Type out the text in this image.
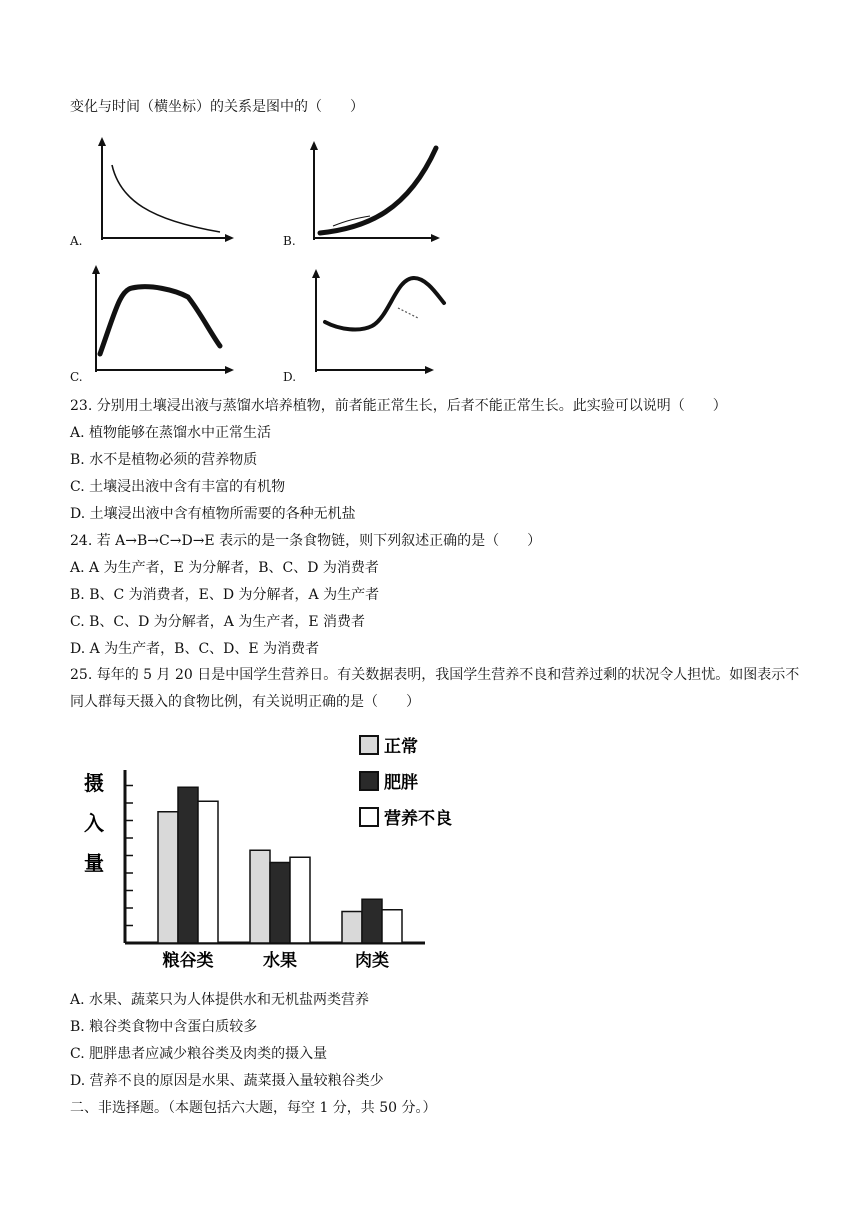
变化与时间（横坐标）的关系是图中的（　　）
A.	B.
C.	D.
23. 分别用土壤浸出液与蒸馏水培养植物，前者能正常生长，后者不能正常生长。此实验可以说明（　　）
A. 植物能够在蒸馏水中正常生活
B. 水不是植物必须的营养物质
C. 土壤浸出液中含有丰富的有机物
D. 土壤浸出液中含有植物所需要的各种无机盐
24. 若 A→B→C→D→E 表示的是一条食物链，则下列叙述正确的是（　　）
A. A 为生产者，E 为分解者，B、C、D 为消费者
B. B、C 为消费者，E、D 为分解者，A 为生产者
C. B、C、D 为分解者，A 为生产者，E 消费者
D. A 为生产者，B、C、D、E 为消费者
25. 每年的 5 月 20 日是中国学生营养日。有关数据表明，我国学生营养不良和营养过剩的状况令人担忧。如图表示不同人群每天摄入的食物比例，有关说明正确的是（　　）
摄
入
量
粮谷类	水果	肉类
正常
肥胖
营养不良
A. 水果、蔬菜只为人体提供水和无机盐两类营养
B. 粮谷类食物中含蛋白质较多
C. 肥胖患者应减少粮谷类及肉类的摄入量
D. 营养不良的原因是水果、蔬菜摄入量较粮谷类少
二、非选择题。（本题包括六大题，每空 1 分，共 50 分。）
